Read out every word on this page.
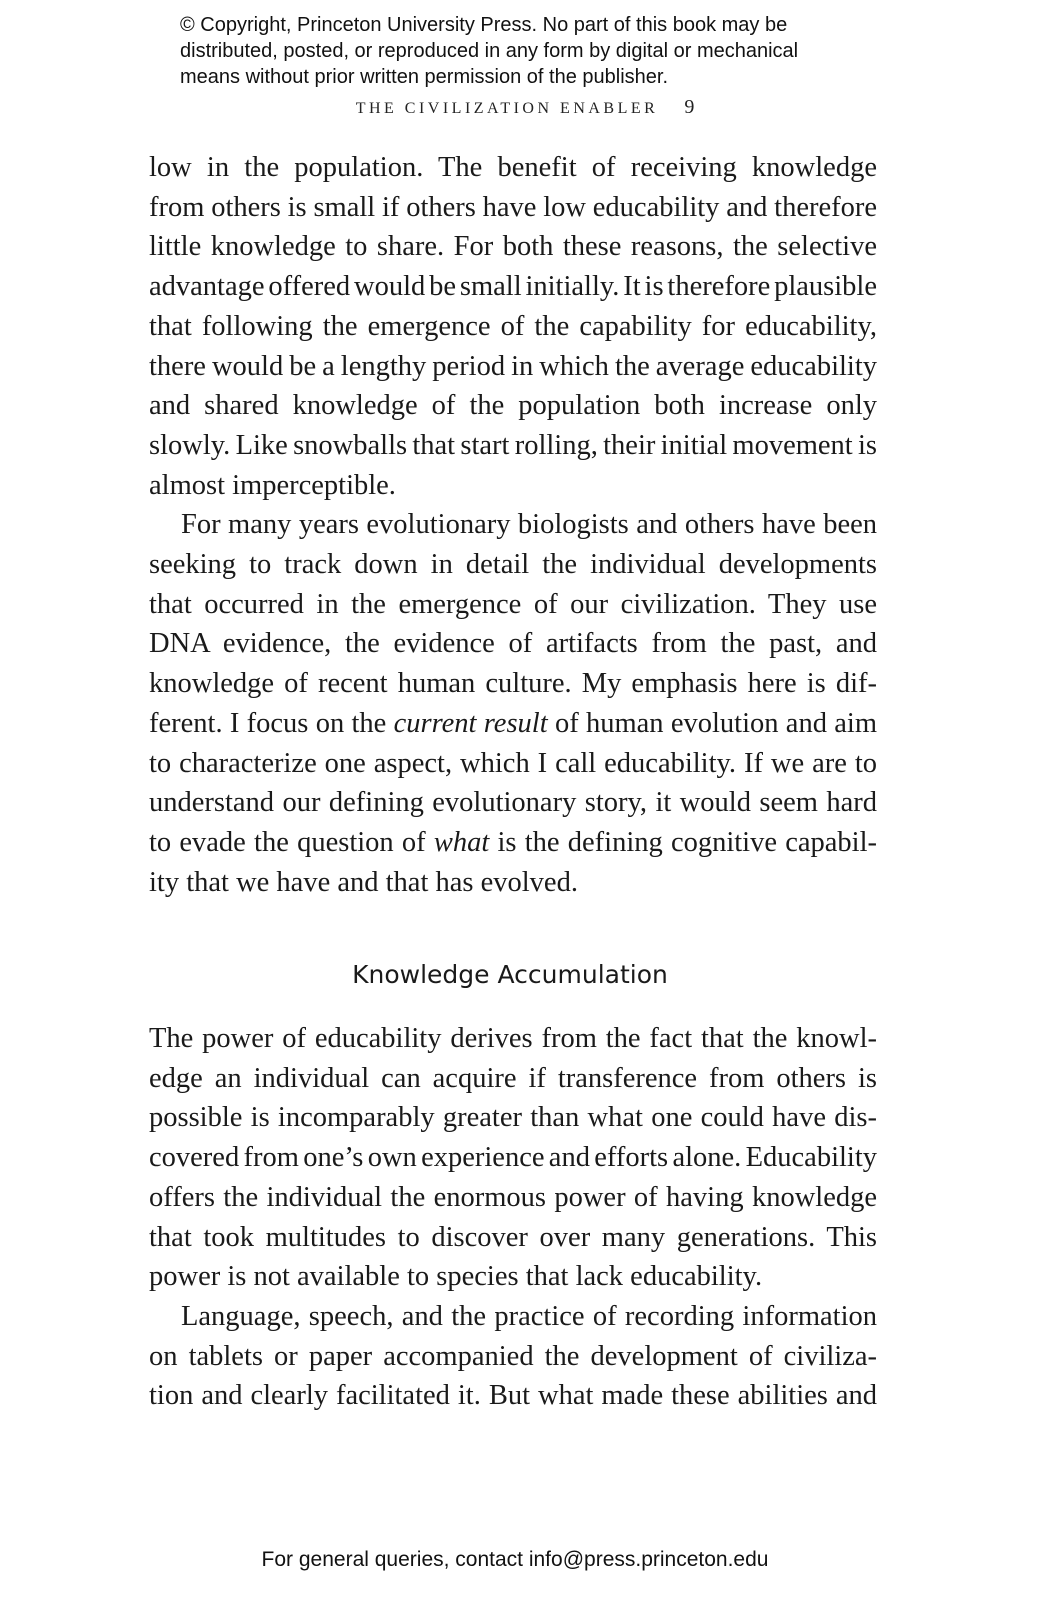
© Copyright, Princeton University Press. No part of this book may be
distributed, posted, or reproduced in any form by digital or mechanical
means without prior written permission of the publisher.
THE CIVILIZATION ENABLER 9

low in the population. The benefit of receiving knowledge
from others is small if others have low educability and therefore
little knowledge to share. For both these reasons, the selective
advantage offered would be small initially. It is therefore plausible
that following the emergence of the capability for educability,
there would be a lengthy period in which the average educability
and shared knowledge of the population both increase only
slowly. Like snowballs that start rolling, their initial movement is
almost imperceptible.

For many years evolutionary biologists and others have been
seeking to track down in detail the individual developments
that occurred in the emergence of our civilization. They use
DNA evidence, the evidence of artifacts from the past, and
knowledge of recent human culture. My emphasis here is dif-
ferent. I focus on the current result of human evolution and aim
to characterize one aspect, which I call educability. If we are to
understand our defining evolutionary story, it would seem hard
to evade the question of what is the defining cognitive capabil-
ity that we have and that has evolved.

Knowledge Accumulation

The power of educability derives from the fact that the knowl-
edge an individual can acquire if transference from others is
possible is incomparably greater than what one could have dis-
covered from one’s own experience and efforts alone. Educability
offers the individual the enormous power of having knowledge
that took multitudes to discover over many generations. This
power is not available to species that lack educability.

Language, speech, and the practice of recording information
on tablets or paper accompanied the development of civiliza-
tion and clearly facilitated it. But what made these abilities and

For general queries, contact info@press.princeton.edu
